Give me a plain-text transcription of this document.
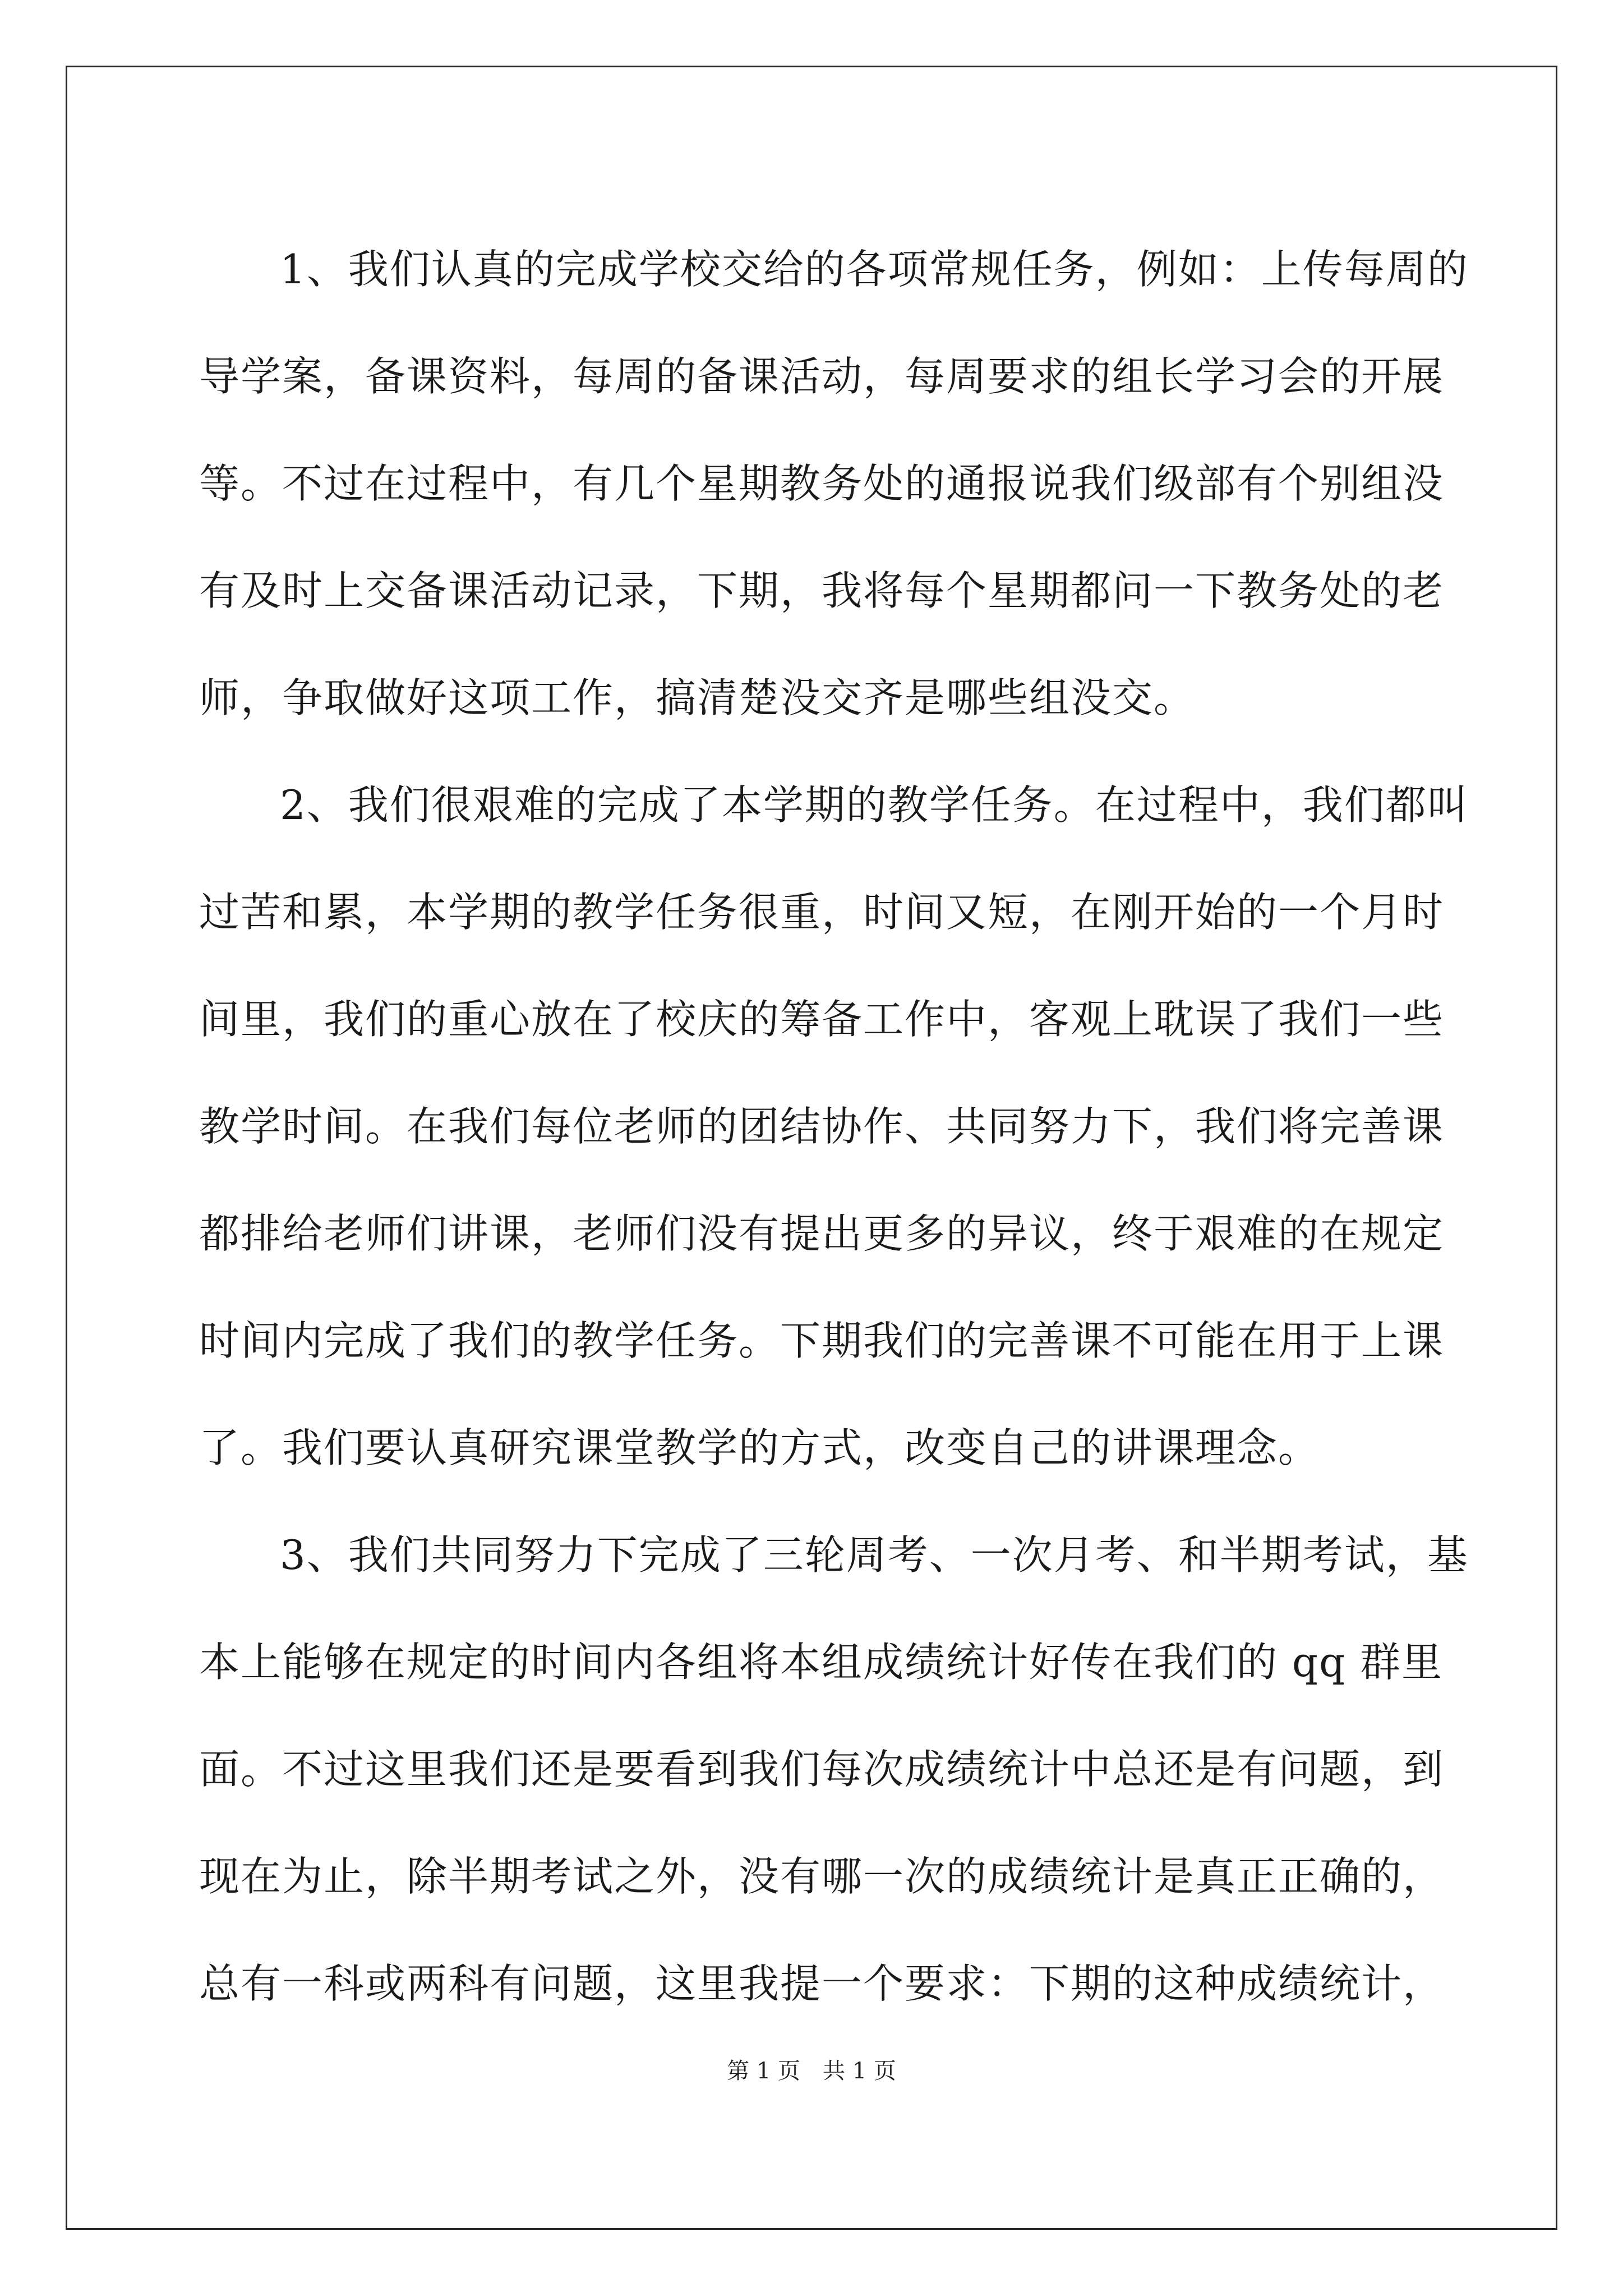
1、我们认真的完成学校交给的各项常规任务，例如：上传每周的
导学案，备课资料，每周的备课活动，每周要求的组长学习会的开展
等。不过在过程中，有几个星期教务处的通报说我们级部有个别组没
有及时上交备课活动记录，下期，我将每个星期都问一下教务处的老
师，争取做好这项工作，搞清楚没交齐是哪些组没交。
2、我们很艰难的完成了本学期的教学任务。在过程中，我们都叫
过苦和累，本学期的教学任务很重，时间又短，在刚开始的一个月时
间里，我们的重心放在了校庆的筹备工作中，客观上耽误了我们一些
教学时间。在我们每位老师的团结协作、共同努力下，我们将完善课
都排给老师们讲课，老师们没有提出更多的异议，终于艰难的在规定
时间内完成了我们的教学任务。下期我们的完善课不可能在用于上课
了。我们要认真研究课堂教学的方式，改变自己的讲课理念。
3、我们共同努力下完成了三轮周考、一次月考、和半期考试，基
本上能够在规定的时间内各组将本组成绩统计好传在我们的 qq 群里
面。不过这里我们还是要看到我们每次成绩统计中总还是有问题，到
现在为止，除半期考试之外，没有哪一次的成绩统计是真正正确的，
总有一科或两科有问题，这里我提一个要求：下期的这种成绩统计，
第 1 页　共 1 页
